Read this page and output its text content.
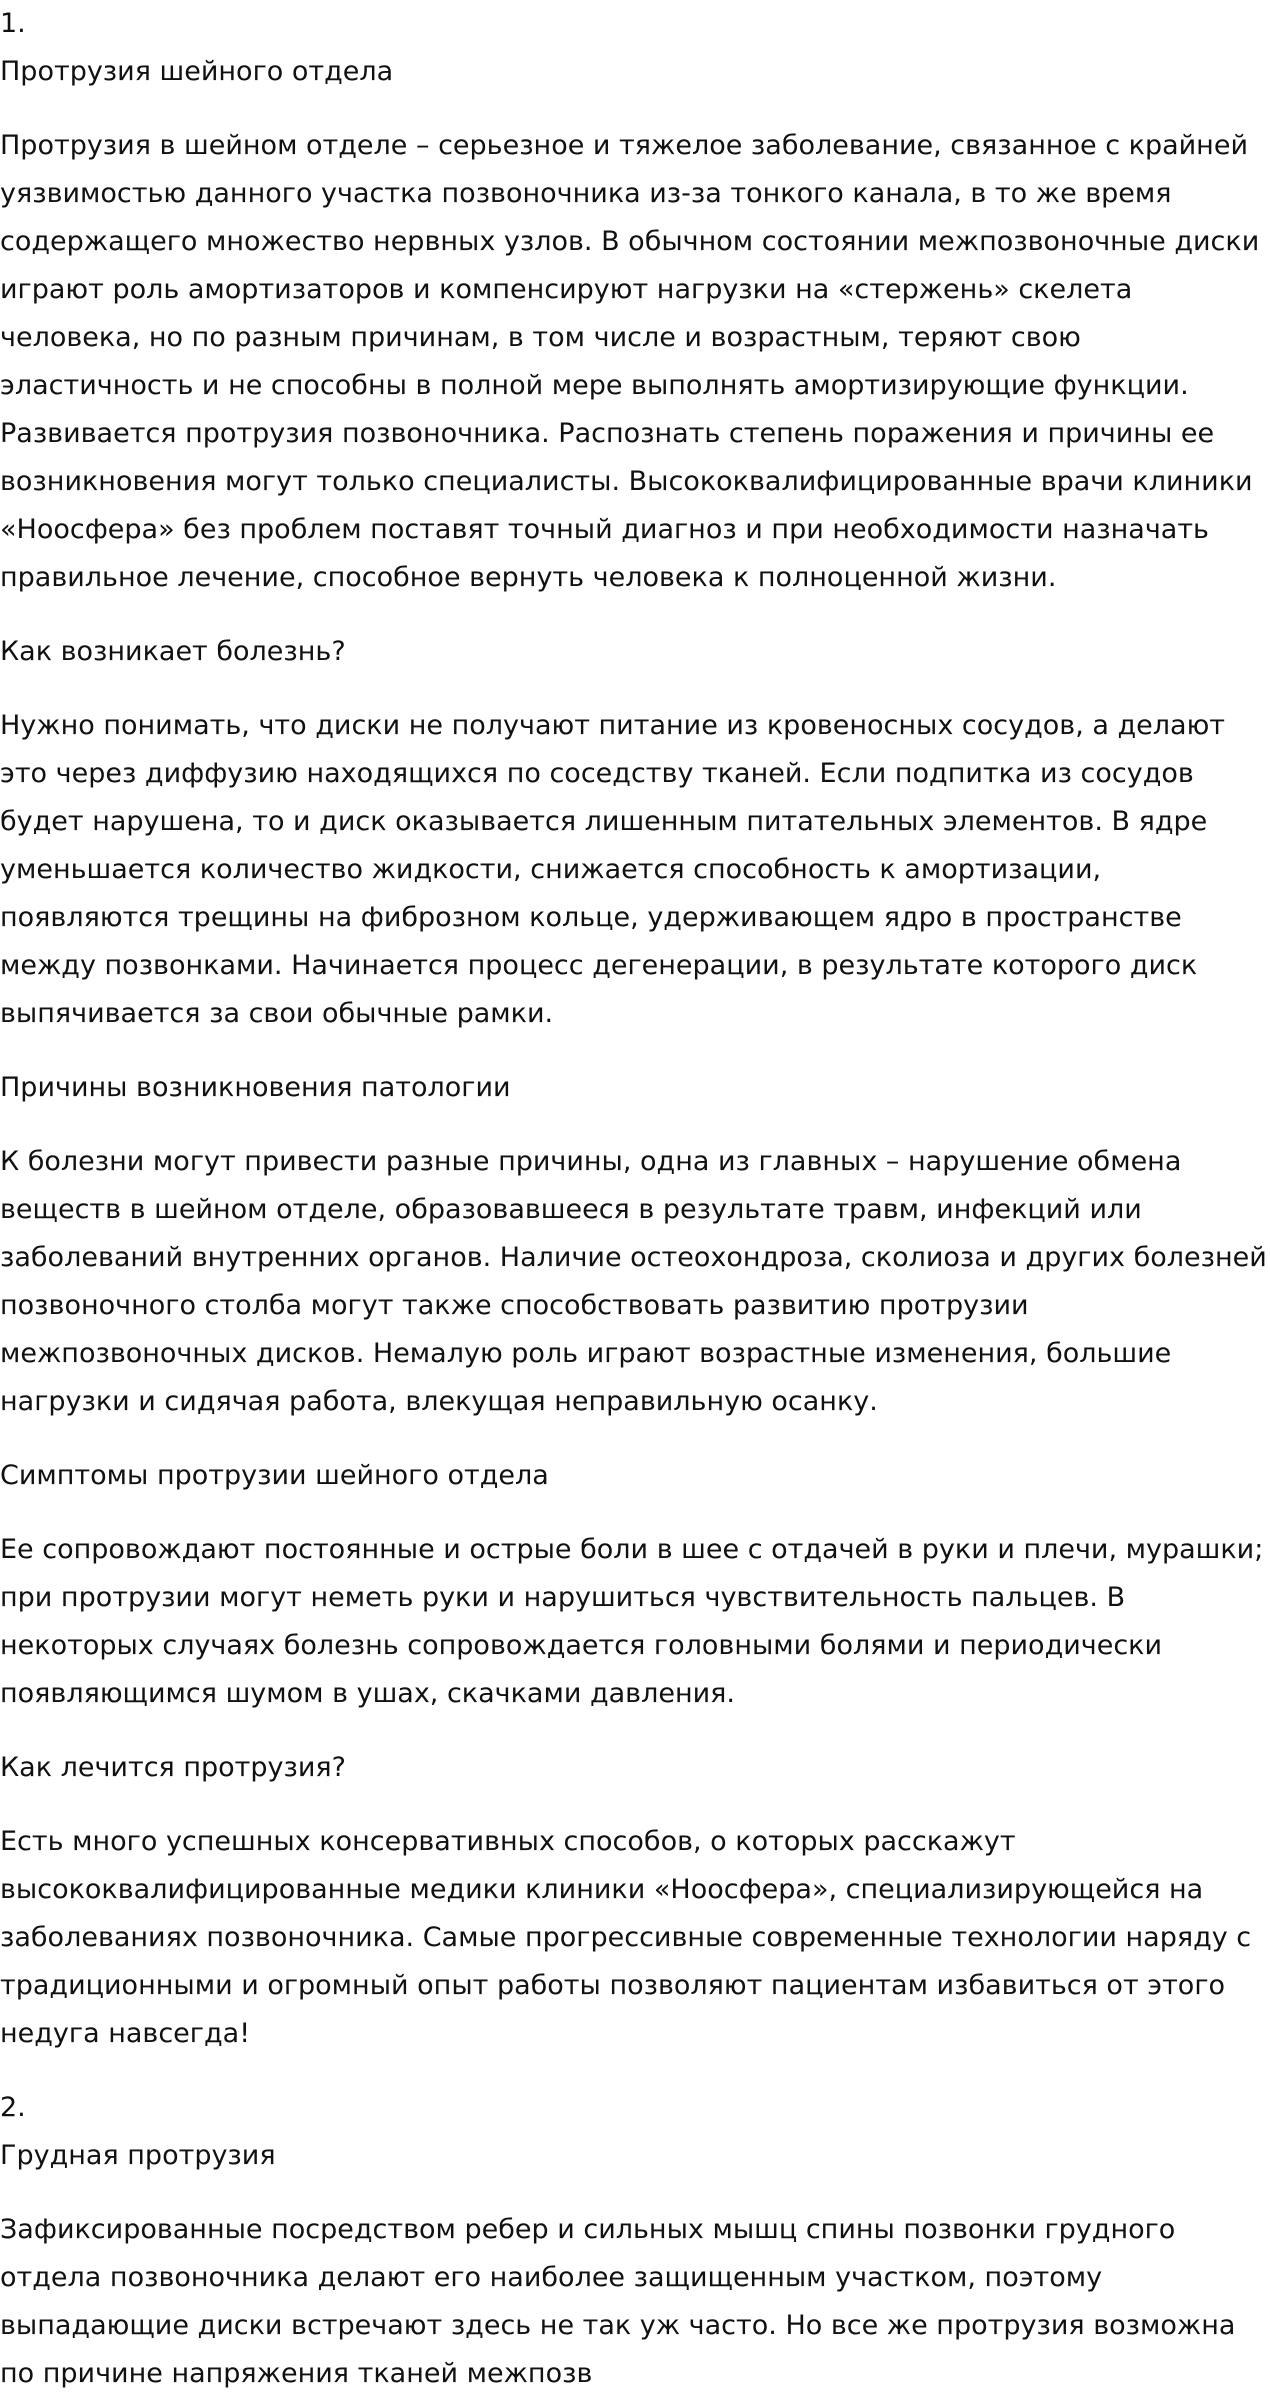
1.

Протрузия шейного отдела

Протрузия в шейном отделе – серьезное и тяжелое заболевание, связанное с крайней уязвимостью данного участка позвоночника из-за тонкого канала, в то же время содержащего множество нервных узлов. В обычном состоянии межпозвоночные диски играют роль амортизаторов и компенсируют нагрузки на «стержень» скелета человека, но по разным причинам, в том числе и возрастным, теряют свою эластичность и не способны в полной мере выполнять амортизирующие функции. Развивается протрузия позвоночника. Распознать степень поражения и причины ее возникновения могут только специалисты. Высококвалифицированные врачи клиники «Ноосфера» без проблем поставят точный диагноз и при необходимости назначать правильное лечение, способное вернуть человека к полноценной жизни.

Как возникает болезнь?

Нужно понимать, что диски не получают питание из кровеносных сосудов, а делают это через диффузию находящихся по соседству тканей. Если подпитка из сосудов будет нарушена, то и диск оказывается лишенным питательных элементов. В ядре уменьшается количество жидкости, снижается способность к амортизации, появляются трещины на фиброзном кольце, удерживающем ядро в пространстве между позвонками. Начинается процесс дегенерации, в результате которого диск выпячивается за свои обычные рамки.

Причины возникновения патологии

К болезни могут привести разные причины, одна из главных – нарушение обмена веществ в шейном отделе, образовавшееся в результате травм, инфекций или заболеваний внутренних органов. Наличие остеохондроза, сколиоза и других болезней позвоночного столба могут также способствовать развитию протрузии межпозвоночных дисков. Немалую роль играют возрастные изменения, большие нагрузки и сидячая работа, влекущая неправильную осанку.

Симптомы протрузии шейного отдела

Ее сопровождают постоянные и острые боли в шее с отдачей в руки и плечи, мурашки; при протрузии могут неметь руки и нарушиться чувствительность пальцев. В некоторых случаях болезнь сопровождается головными болями и периодически появляющимся шумом в ушах, скачками давления.

Как лечится протрузия?

Есть много успешных консервативных способов, о которых расскажут высококвалифицированные медики клиники «Ноосфера», специализирующейся на заболеваниях позвоночника. Самые прогрессивные современные технологии наряду с традиционными и огромный опыт работы позволяют пациентам избавиться от этого недуга навсегда!

2.

Грудная протрузия

Зафиксированные посредством ребер и сильных мышц спины позвонки грудного отдела позвоночника делают его наиболее защищенным участком, поэтому выпадающие диски встречают здесь не так уж часто. Но все же протрузия возможна по причине напряжения тканей межпозв
